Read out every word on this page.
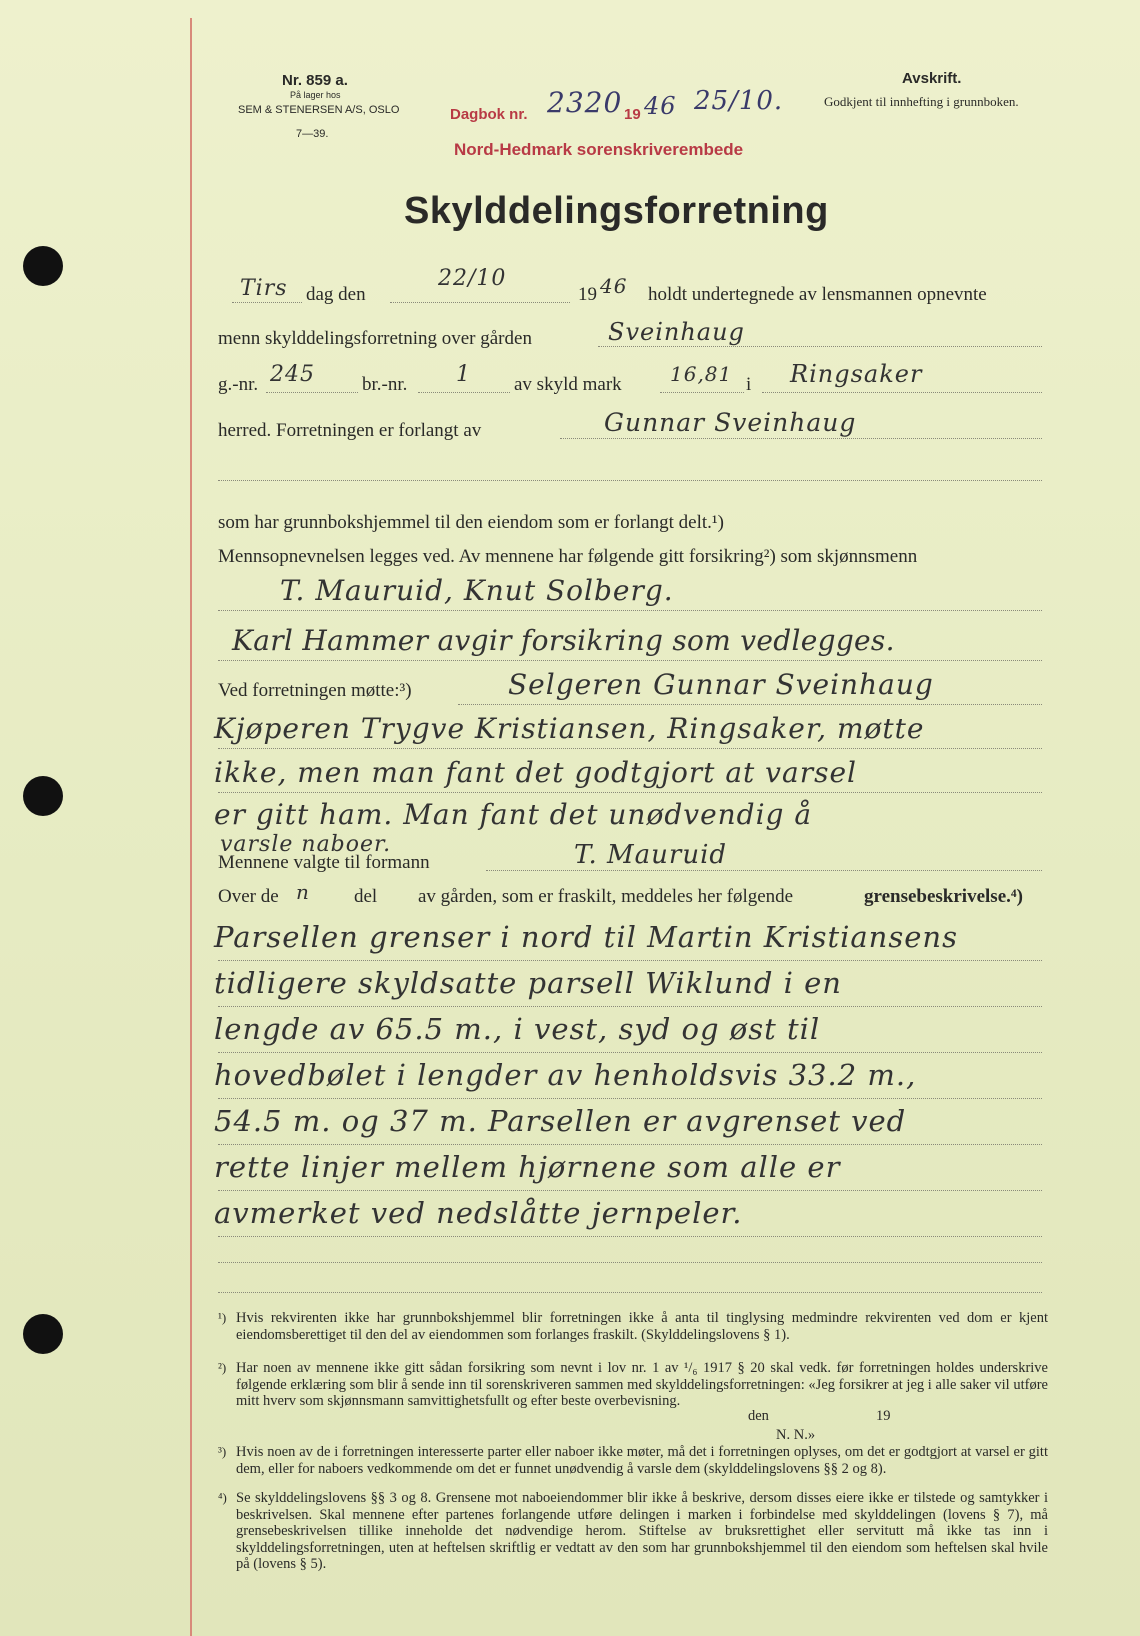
Nr. 859 a.
På lager hos
SEM & STENERSEN A/S, OSLO
7—39.
Dagbok nr. 2320 19 46 25/10.
Nord-Hedmark sorenskriverembede
Avskrift.
Godkjent til innhefting i grunnboken.
Skylddelingsforretning
Tirs dag den
22/10
19 46 holdt undertegnede av lensmannen opnevnte
menn skylddelingsforretning over gården	Sveinhaug
g.-nr. 245 br.-nr. 1 av skyld mark 16,81 i Ringsaker
herred. Forretningen er forlangt av	Gunnar Sveinhaug
som har grunnbokshjemmel til den eiendom som er forlangt delt.¹)
Mennsopnevnelsen legges ved. Av mennene har følgende gitt forsikring²) som skjønnsmenn
T. Mauruid, Knut Solberg.
Karl Hammer avgir forsikring som vedlegges.
Ved forretningen møtte:³)	Selgeren Gunnar Sveinhaug
Kjøperen Trygve Kristiansen, Ringsaker, møtte
ikke, men man fant det godtgjort at varsel
er gitt ham. Man fant det unødvendig å
varsle naboer.
Mennene valgte til formann	T. Mauruid
Over de n del av gården, som er fraskilt, meddeles her følgende	grensebeskrivelse.⁴)
Parsellen grenser i nord til Martin Kristiansens
tidligere skyldsatte parsell Wiklund i en
lengde av 65.5 m., i vest, syd og øst til
hovedbølet i lengder av henholdsvis 33.2 m.,
54.5 m. og 37 m. Parsellen er avgrenset ved
rette linjer mellem hjørnene som alle er
avmerket ved nedslåtte jernpeler.
¹) Hvis rekvirenten ikke har grunnbokshjemmel blir forretningen ikke å anta til tinglysing medmindre rekvirenten ved dom er kjent eiendomsberettiget til den del av eiendommen som forlanges fraskilt. (Skylddelingslovens § 1).
²) Har noen av mennene ikke gitt sådan forsikring som nevnt i lov nr. 1 av ¹/₆ 1917 § 20 skal vedk. før forretningen holdes underskrive følgende erklæring som blir å sende inn til sorenskriveren sammen med skylddelingsforretningen: «Jeg forsikrer at jeg i alle saker vil utføre mitt hverv som skjønnsmann samvittighetsfullt og efter beste overbevisning.
³) Hvis noen av de i forretningen interesserte parter eller naboer ikke møter, må det i forretningen oplyses, om det er godtgjort at varsel er gitt dem, eller for naboers vedkommende om det er funnet unødvendig å varsle dem (skylddelingslovens §§ 2 og 8).
⁴) Se skylddelingslovens §§ 3 og 8. Grensene mot naboeiendommer blir ikke å beskrive, dersom disses eiere ikke er tilstede og samtykker i beskrivelsen. Skal mennene efter partenes forlangende utføre delingen i marken i forbindelse med skylddelingen (lovens § 7), må grensebeskrivelsen tillike inneholde det nødvendige herom. Stiftelse av bruksrettighet eller servitutt må ikke tas inn i skylddelingsforretningen, uten at heftelsen skriftlig er vedtatt av den som har grunnbokshjemmel til den eiendom som heftelsen skal hvile på (lovens § 5).
den	19
N. N.»
